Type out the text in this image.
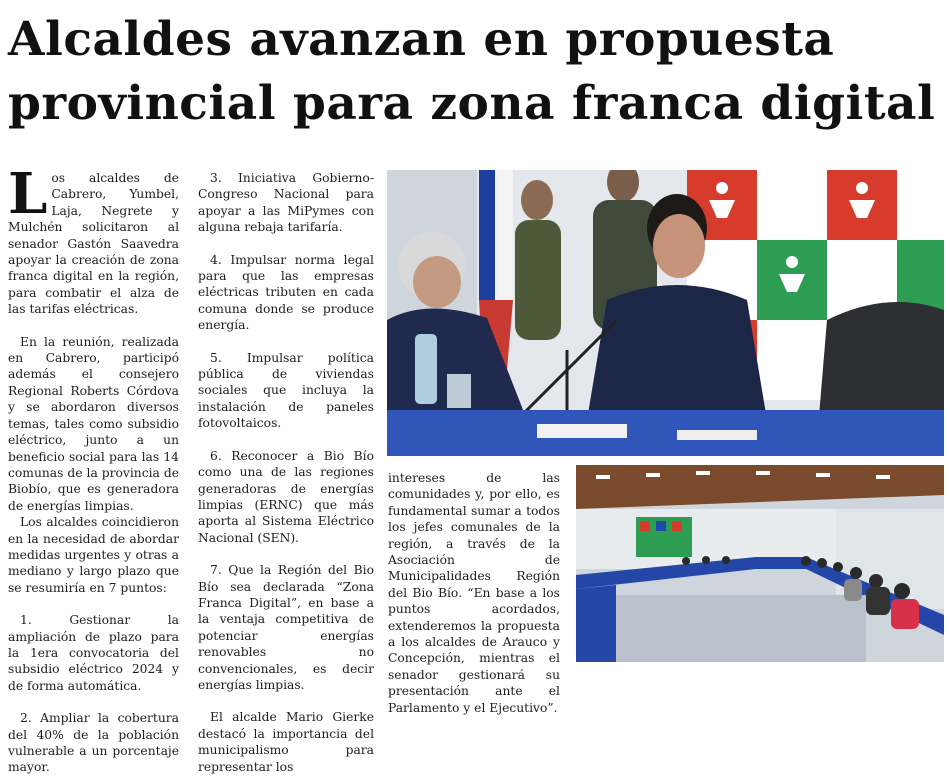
Alcaldes avanzan en propuesta provincial para zona franca digital

Los alcaldes de Cabrero, Yumbel, Laja, Negrete y Mulchén solicitaron al senador Gastón Saavedra apoyar la creación de zona franca digital en la región, para combatir el alza de las tarifas eléctricas.

En la reunión, realizada en Cabrero, participó además el consejero Regional Roberts Córdova y se abordaron diversos temas, tales como subsidio eléctrico, junto a un beneficio social para las 14 comunas de la provincia de Biobío, que es generadora de energías limpias.

Los alcaldes coincidieron en la necesidad de abordar medidas urgentes y otras a mediano y largo plazo que se resumiría en 7 puntos:

1. Gestionar la ampliación de plazo para la 1era convocatoria del subsidio eléctrico 2024 y de forma automática.

2. Ampliar la cobertura del 40% de la población vulnerable a un porcentaje mayor.

3. Iniciativa Gobierno-Congreso Nacional para apoyar a las MiPymes con alguna rebaja tarifaría.

4. Impulsar norma legal para que las empresas eléctricas tributen en cada comuna donde se produce energía.

5. Impulsar política pública de viviendas sociales que incluya la instalación de paneles fotovoltaicos.

6. Reconocer a Bio Bío como una de las regiones generadoras de energías limpias (ERNC) que más aporta al Sistema Eléctrico Nacional (SEN).

7. Que la Región del Bio Bío sea declarada “Zona Franca Digital”, en base a la ventaja competitiva de potenciar energías renovables no convencionales, es decir energías limpias.

El alcalde Mario Gierke destacó la importancia del municipalismo para representar los

intereses de las comunidades y, por ello, es fundamental sumar a todos los jefes comunales de la región, a través de la Asociación de Municipalidades Región del Bio Bío. “En base a los puntos acordados, extenderemos la propuesta a los alcaldes de Arauco y Concepción, mientras el senador gestionará su presentación ante el Parlamento y el Ejecutivo”.
